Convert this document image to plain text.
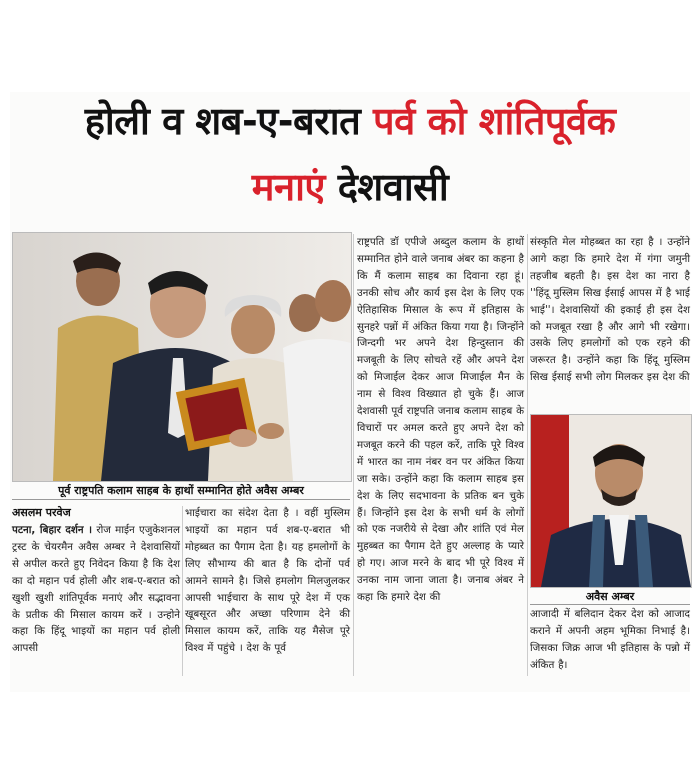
होली व शब-ए-बरात पर्व को शांतिपूर्वक
मनाएं देशवासी
पूर्व राष्ट्रपति कलाम साहब के हाथों सम्मानित होते अवैस अम्बर
असलम परवेज
पटना, बिहार दर्शन । रोज माईन एजुकेशनल ट्रस्ट के चेयरमैन अवैस अम्बर ने देशवासियों से अपील करते हुए निवेदन किया है कि देश का दो महान पर्व होली और शब-ए-बरात को खुशी खुशी शांतिपूर्वक मनाएं और सद्भावना के प्रतीक की मिसाल कायम करें । उन्होने कहा कि हिंदू भाइयों का महान पर्व होली आपसी
भाईचारा का संदेश देता है । वहीं मुस्लिम भाइयों का महान पर्व शब-ए-बरात भी मोहब्बत का पैगाम देता है। यह हमलोगों के लिए सौभाग्य की बात है कि दोनों पर्व आमने सामने है। जिसे हमलोग मिलजुलकर आपसी भाईचारा के साथ पूरे देश में एक खूबसूरत और अच्छा परिणाम देने की मिसाल कायम करें, ताकि यह मैसेज पूरे विश्व में पहुंचे । देश के पूर्व
राष्ट्रपति डॉ एपीजे अब्दुल कलाम के हाथों सम्मानित होने वाले जनाब अंबर का कहना है कि मैं कलाम साहब का दिवाना रहा हूं। उनकी सोच और कार्य इस देश के लिए एक ऐतिहासिक मिसाल के रूप में इतिहास के सुनहरे पन्नों में अंकित किया गया है। जिन्होंने जिन्दगी भर अपने देश हिन्दुस्तान की मजबूती के लिए सोचते रहें और अपने देश को मिजाईल देकर आज मिजाईल मैन के नाम से विश्व विख्यात हो चुके हैं। आज देशवासी पूर्व राष्ट्रपति जनाब कलाम साहब के विचारों पर अमल करते हुए अपने देश को मजबूत करने की पहल करें, ताकि पूरे विश्व में भारत का नाम नंबर वन पर अंकित किया जा सके। उन्होंने कहा कि कलाम साहब इस देश के लिए सदभावना के प्रतिक बन चुके हैं। जिन्होंने इस देश के सभी धर्म के लोगों को एक नजरीये से देखा और शांति एवं मेल मुहब्बत का पैगाम देते हुए अल्लाह के प्यारे हो गए। आज मरने के बाद भी पूरे विश्व में उनका नाम जाना जाता है। जनाब अंबर ने कहा कि हमारे देश की
संस्कृति मेल मोहब्बत का रहा है । उन्होंने आगे कहा कि हमारे देश में गंगा जमुनी तहजीब बहती है। इस देश का नारा है ''हिंदू मुस्लिम सिख ईसाई आपस में है भाई भाई''। देशवासियों की इकाई ही इस देश को मजबूत रखा है और आगे भी रखेगा। उसके लिए हमलोगों को एक रहने की जरूरत है। उन्होंने कहा कि हिंदू मुस्लिम सिख ईसाई सभी लोग मिलकर इस देश की
अवैस अम्बर
आजादी में बलिदान देकर देश को आजाद कराने में अपनी अहम भूमिका निभाई है। जिसका जिक्र आज भी इतिहास के पन्नो में अंकित है।
